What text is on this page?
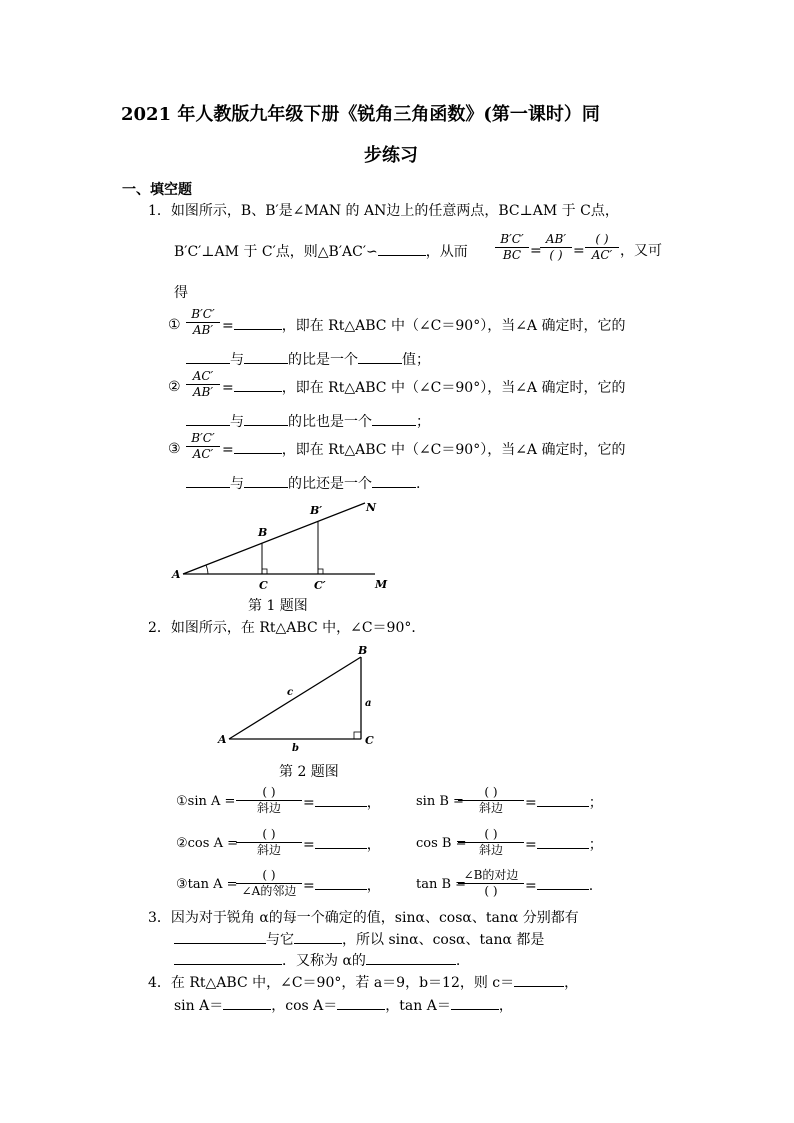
2021 年人教版九年级下册《锐角三角函数》(第一课时）同
步练习
一、填空题
1．如图所示，B、B′是∠MAN 的 AN边上的任意两点，BC⊥AM 于 C点，
B′C′⊥AM 于 C′点，则△B′AC′∽	，从而 $\frac{B'C'}{BC}$ =
AB′
( ) =
( )
AC′ ，又可
得
① $\frac{B'C'}{AB'}$ =	，即在 Rt△ABC 中（∠C＝90°），当∠A 确定时，它的
与	的比是一个	值；
② $\frac{AC'}{AB'}$ =	，即在 Rt△ABC 中（∠C＝90°），当∠A 确定时，它的
与	的比也是一个	；
③ $\frac{B'C'}{AC'}$ =	，即在 Rt△ABC 中（∠C＝90°），当∠A 确定时，它的
与	的比还是一个	.
A
B
B′
C	C′	M
N
第 1 题图
2．如图所示，在 Rt△ABC 中，∠C＝90°．
A
B
C
a
b
c
第 2 题图
①sin A =
( )
斜边	=	，	sin B =
( )
斜边	=	；
②cos A =
( )
斜边	=	，	cos B =
( )
斜边	=	；
③tan A =
( )
∠A的邻边 =	，	tan B =
∠B的对边
( )	=	.
3．因为对于锐角 α的每一个确定的值，sinα、cosα、tanα 分别都有
与它	，所以 sinα、cosα、tanα 都是
．又称为 α的	.
4．在 Rt△ABC 中，∠C＝90°，若 a＝9，b＝12，则 c＝	，
sin A＝	，cos A＝	，tan A＝	，
